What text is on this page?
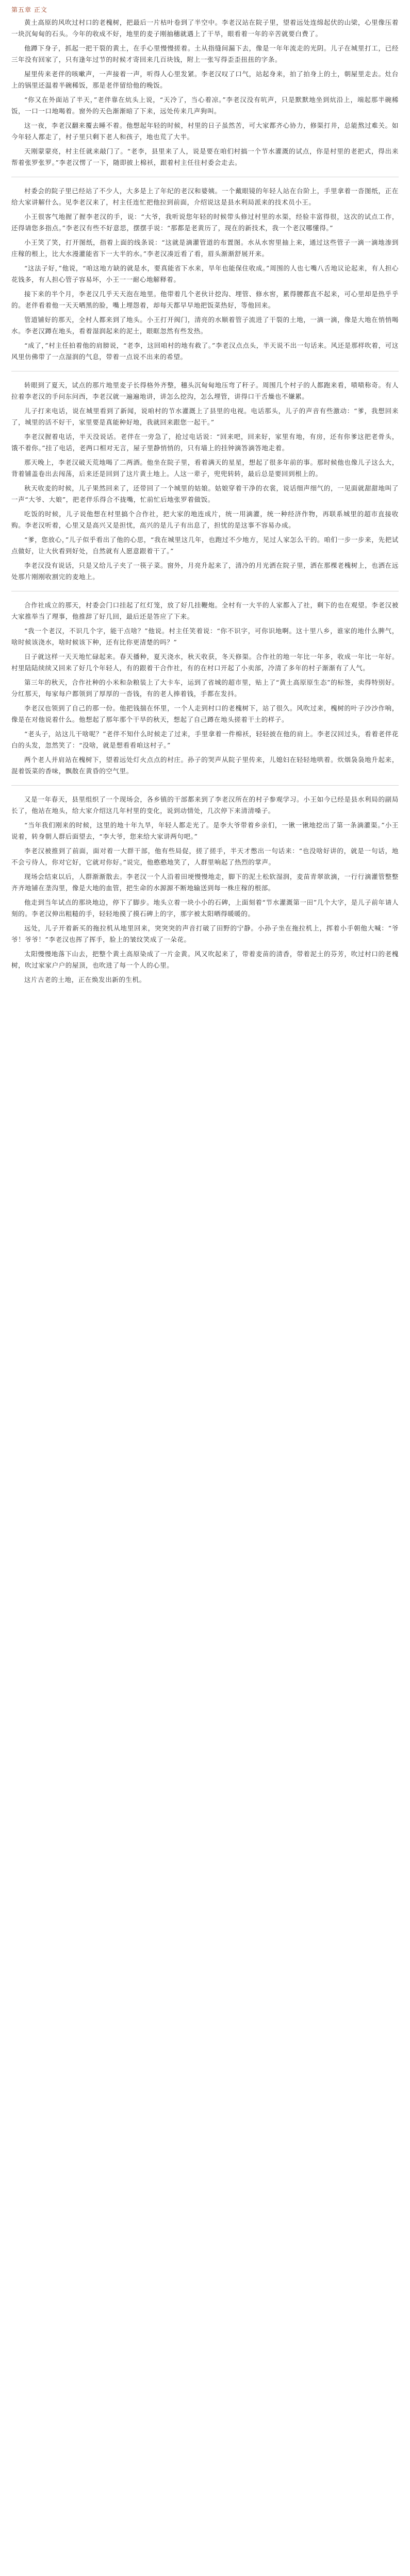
第五章 正文

黄土高原的风吹过村口的老槐树，把最后一片枯叶卷到了半空中。李老汉站在院子里，望着远处连绵起伏的山梁，心里像压着一块沉甸甸的石头。今年的收成不好，地里的麦子刚抽穗就遇上了干旱，眼看着一年的辛苦就要白费了。

他蹲下身子，抓起一把干裂的黄土，在手心里慢慢搓着。土从指缝间漏下去，像是一年年流走的光阴。儿子在城里打工，已经三年没有回家了，只有逢年过节的时候才寄回来几百块钱，附上一张写得歪歪扭扭的字条。

屋里传来老伴的咳嗽声，一声接着一声，听得人心里发紧。李老汉叹了口气，站起身来，拍了拍身上的土，朝屋里走去。灶台上的锅里还温着半碗稀饭，那是老伴留给他的晚饭。

“你又在外面站了半天，”老伴靠在炕头上说，“天冷了，当心着凉。”李老汉没有吭声，只是默默地坐到炕沿上，端起那半碗稀饭，一口一口地喝着。窗外的天色渐渐暗了下来，远处传来几声狗叫。

这一夜，李老汉翻来覆去睡不着。他想起年轻的时候，村里的日子虽然苦，可大家都齐心协力，修渠打井，总能熬过难关。如今年轻人都走了，村子里只剩下老人和孩子，地也荒了大半。

天刚蒙蒙亮，村主任就来敲门了。“老李，县里来了人，说是要在咱们村搞一个节水灌溉的试点，你是村里的老把式，得出来帮着张罗张罗。”李老汉愣了一下，随即披上棉袄，跟着村主任往村委会走去。

村委会的院子里已经站了不少人，大多是上了年纪的老汉和婆姨。一个戴眼镜的年轻人站在台阶上，手里拿着一沓图纸，正在给大家讲解什么。见李老汉来了，村主任连忙把他拉到前面，介绍说这是县水利局派来的技术员小王。

小王很客气地握了握李老汉的手，说：“大爷，我听说您年轻的时候带头修过村里的水渠，经验丰富得很，这次的试点工作，还得请您多指点。”李老汉有些不好意思，摆摆手说：“那都是老黄历了，现在的新技术，我一个老汉哪懂得。”

小王笑了笑，打开图纸，指着上面的线条说：“这就是滴灌管道的布置图。水从水窖里抽上来，通过这些管子一滴一滴地渗到庄稼的根上，比大水漫灌能省下一大半的水。”李老汉凑近看了看，眉头渐渐舒展开来。

“这法子好，”他说，“咱这地方缺的就是水，要真能省下水来，旱年也能保住收成。”周围的人也七嘴八舌地议论起来，有人担心花钱多，有人担心管子容易坏，小王一一耐心地解释着。

接下来的半个月，李老汉几乎天天泡在地里。他带着几个老伙计挖沟、埋管、修水窖，累得腰都直不起来，可心里却是热乎乎的。老伴看着他一天天晒黑的脸，嘴上埋怨着，却每天都早早地把饭菜热好，等他回来。

管道铺好的那天，全村人都来到了地头。小王打开阀门，清亮的水顺着管子流进了干裂的土地，一滴一滴，像是大地在悄悄喝水。李老汉蹲在地头，看着湿润起来的泥土，眼眶忽然有些发热。

“成了，”村主任拍着他的肩膀说，“老李，这回咱村的地有救了。”李老汉点点头，半天说不出一句话来。风还是那样吹着，可这风里仿佛带了一点湿润的气息，带着一点说不出来的希望。

转眼到了夏天，试点的那片地里麦子长得格外齐整，穗头沉甸甸地压弯了秆子。周围几个村子的人都跑来看，啧啧称奇。有人拉着李老汉的手问东问西，李老汉就一遍遍地讲，讲怎么挖沟，怎么埋管，讲得口干舌燥也不嫌累。

儿子打来电话，说在城里看到了新闻，说咱村的节水灌溉上了县里的电视。电话那头，儿子的声音有些激动：“爹，我想回来了，城里的活不好干，家里要是真能种好地，我就回来跟您一起干。”

李老汉握着电话，半天没说话。老伴在一旁急了，抢过电话说：“回来吧，回来好，家里有地，有房，还有你爹这把老骨头，饿不着你。”挂了电话，老两口相对无言，屋子里静悄悄的，只有墙上的挂钟滴答滴答地走着。

那天晚上，李老汉破天荒地喝了二两酒。他坐在院子里，看着满天的星星，想起了很多年前的事。那时候他也像儿子这么大，背着铺盖卷出去闯荡，后来还是回到了这片黄土地上。人这一辈子，兜兜转转，最后总是要回到根上的。

秋天收麦的时候，儿子果然回来了，还带回了一个城里的姑娘。姑娘穿着干净的衣裳，说话细声细气的，一见面就甜甜地叫了一声“大爷、大娘”，把老伴乐得合不拢嘴，忙前忙后地张罗着做饭。

吃饭的时候，儿子说他想在村里搞个合作社，把大家的地连成片，统一用滴灌，统一种经济作物，再联系城里的超市直接收购。李老汉听着，心里又是高兴又是担忧，高兴的是儿子有出息了，担忧的是这事不容易办成。

“爹，您放心，”儿子似乎看出了他的心思，“我在城里这几年，也跑过不少地方，见过人家怎么干的。咱们一步一步来，先把试点做好，让大伙看到好处，自然就有人愿意跟着干了。”

李老汉没有说话，只是又给儿子夹了一筷子菜。窗外，月亮升起来了，清冷的月光洒在院子里，洒在那棵老槐树上，也洒在远处那片刚刚收割完的麦地上。

合作社成立的那天，村委会门口挂起了红灯笼，放了好几挂鞭炮。全村有一大半的人家都入了社，剩下的也在观望。李老汉被大家推举当了理事，他推辞了好几回，最后还是答应了下来。

“我一个老汉，不识几个字，能干点啥？”他说。村主任笑着说：“你不识字，可你识地啊。这十里八乡，谁家的地什么脾气，啥时候该浇水，啥时候该下种，还有比你更清楚的吗？”

日子就这样一天天地忙碌起来。春天播种，夏天浇水，秋天收获，冬天修渠。合作社的地一年比一年多，收成一年比一年好。村里陆陆续续又回来了好几个年轻人，有的跟着干合作社，有的在村口开起了小卖部，冷清了多年的村子渐渐有了人气。

第三年的秋天，合作社种的小米和杂粮装上了大卡车，运到了省城的超市里，贴上了“黄土高原原生态”的标签，卖得特别好。分红那天，每家每户都领到了厚厚的一沓钱，有的老人捧着钱，手都在发抖。

李老汉也领到了自己的那一份。他把钱揣在怀里，一个人走到村口的老槐树下，站了很久。风吹过来，槐树的叶子沙沙作响，像是在对他说着什么。他想起了那年那个干旱的秋天，想起了自己蹲在地头搓着干土的样子。

“老头子，站这儿干啥呢？”老伴不知什么时候走了过来，手里拿着一件棉袄，轻轻披在他的肩上。李老汉回过头，看着老伴花白的头发，忽然笑了：“没啥，就是想看看咱这村子。”

两个老人并肩站在槐树下，望着远处灯火点点的村庄。孙子的哭声从院子里传来，儿媳妇在轻轻地哄着。炊烟袅袅地升起来，混着饭菜的香味，飘散在黄昏的空气里。

又是一年春天，县里组织了一个现场会，各乡镇的干部都来到了李老汉所在的村子参观学习。小王如今已经是县水利局的副局长了，他站在地头，给大家介绍这几年村里的变化，说到动情处，几次停下来清清嗓子。

“当年我们刚来的时候，这里的地十年九旱，年轻人都走光了。是李大爷带着乡亲们，一锹一锹地挖出了第一条滴灌渠。”小王说着，转身朝人群后面望去，“李大爷，您来给大家讲两句吧。”

李老汉被推到了前面，面对着一大群干部，他有些局促，搓了搓手，半天才憋出一句话来：“也没啥好讲的，就是一句话，地不会亏待人，你对它好，它就对你好。”说完，他憨憨地笑了，人群里响起了热烈的掌声。

现场会结束以后，人群渐渐散去。李老汉一个人沿着田埂慢慢地走，脚下的泥土松软湿润，麦苗青翠欲滴，一行行滴灌管整整齐齐地铺在垄沟里，像是大地的血管，把生命的水源源不断地输送到每一株庄稼的根部。

他走到当年试点的那块地边，停下了脚步。地头立着一块小小的石碑，上面刻着“节水灌溉第一田”几个大字，是儿子前年请人刻的。李老汉伸出粗糙的手，轻轻地摸了摸石碑上的字，那字被太阳晒得暖暖的。

远处，儿子开着新买的拖拉机从地里回来，突突突的声音打破了田野的宁静。小孙子坐在拖拉机上，挥着小手朝他大喊：“爷爷！爷爷！”李老汉也挥了挥手，脸上的皱纹笑成了一朵花。

太阳慢慢地落下山去，把整个黄土高原染成了一片金黄。风又吹起来了，带着麦苗的清香，带着泥土的芬芳，吹过村口的老槐树，吹过家家户户的屋顶，也吹进了每一个人的心里。

这片古老的土地，正在焕发出新的生机。
